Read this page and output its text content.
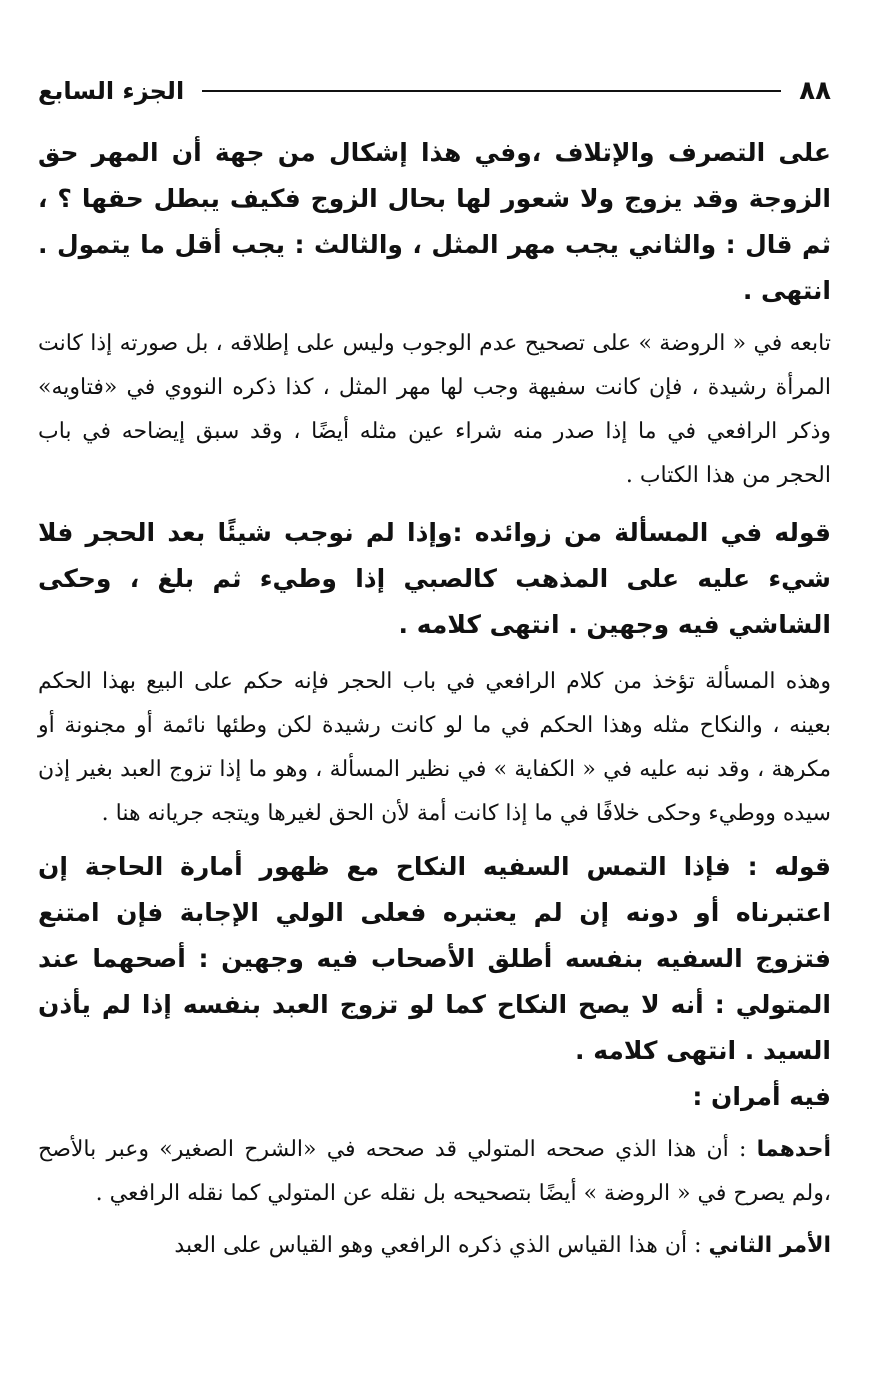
٨٨
الجزء السابع

على التصرف والإتلاف ،وفي هذا إشكال من جهة أن المهر حق الزوجة وقد يزوج ولا شعور لها بحال الزوج فكيف يبطل حقها ؟ ، ثم قال : والثاني يجب مهر المثل ، والثالث : يجب أقل ما يتمول . انتهى .

تابعه في « الروضة » على تصحيح عدم الوجوب وليس على إطلاقه ، بل صورته إذا كانت المرأة رشيدة ، فإن كانت سفيهة وجب لها مهر المثل ، كذا ذكره النووي في «فتاويه» وذكر الرافعي في ما إذا صدر منه شراء عين مثله أيضًا ، وقد سبق إيضاحه في باب الحجر من هذا الكتاب .

قوله في المسألة من زوائده :وإذا لم نوجب شيئًا بعد الحجر فلا شيء عليه على المذهب كالصبي إذا وطيء ثم بلغ ، وحكى الشاشي فيه وجهين . انتهى كلامه .

وهذه المسألة تؤخذ من كلام الرافعي في باب الحجر فإنه حكم على البيع بهذا الحكم بعينه ، والنكاح مثله وهذا الحكم في ما لو كانت رشيدة لكن وطئها نائمة أو مجنونة أو مكرهة ، وقد نبه عليه في « الكفاية » في نظير المسألة ، وهو ما إذا تزوج العبد بغير إذن سيده ووطيء وحكى خلافًا في ما إذا كانت أمة لأن الحق لغيرها ويتجه جريانه هنا .

قوله : فإذا التمس السفيه النكاح مع ظهور أمارة الحاجة إن اعتبرناه أو دونه إن لم يعتبره فعلى الولي الإجابة فإن امتنع فتزوج السفيه بنفسه أطلق الأصحاب فيه وجهين : أصحهما عند المتولي : أنه لا يصح النكاح كما لو تزوج العبد بنفسه إذا لم يأذن السيد . انتهى كلامه .

فيه أمران :

أحدهما : أن هذا الذي صححه المتولي قد صححه في «الشرح الصغير» وعبر بالأصح ،ولم يصرح في « الروضة » أيضًا بتصحيحه بل نقله عن المتولي كما نقله الرافعي .

الأمر الثاني : أن هذا القياس الذي ذكره الرافعي وهو القياس على العبد
